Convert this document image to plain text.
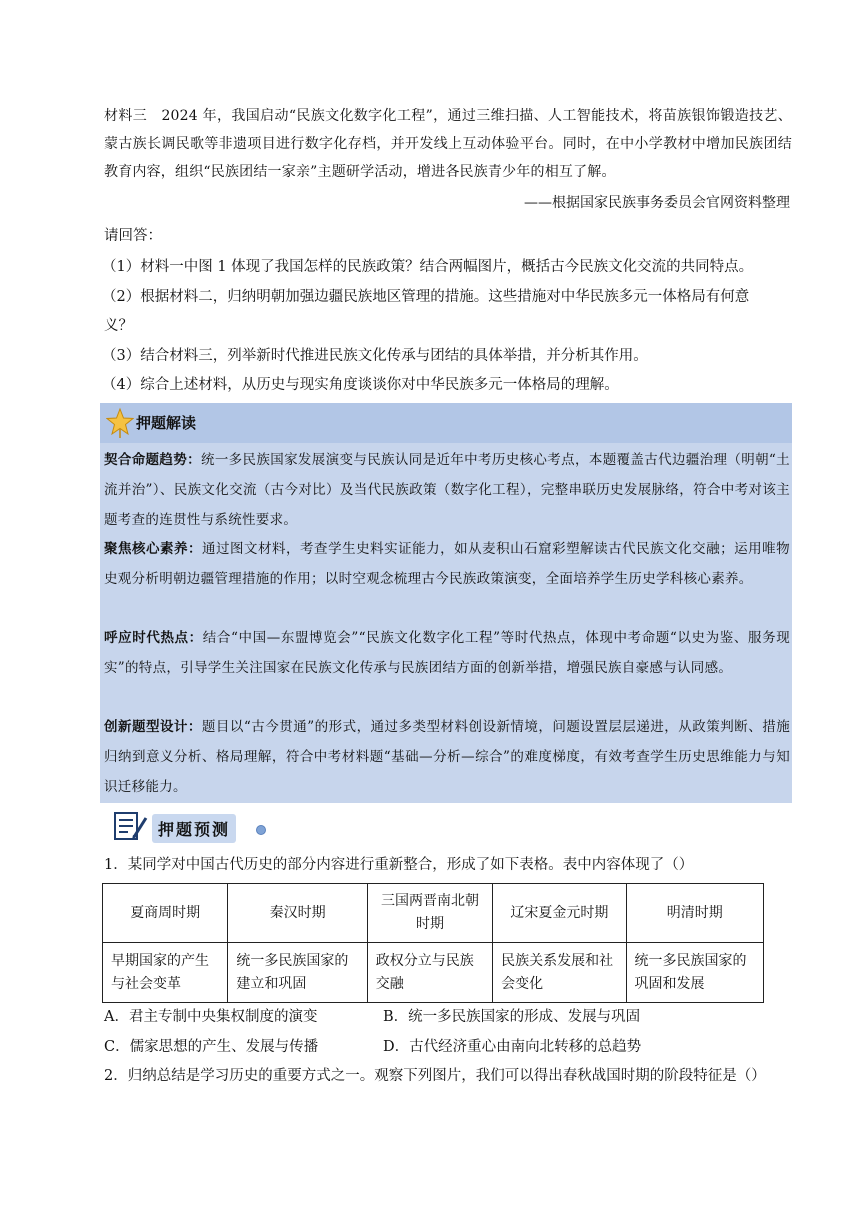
材料三　2024 年，我国启动“民族文化数字化工程”，通过三维扫描、人工智能技术，将苗族银饰锻造技艺、蒙古族长调民歌等非遗项目进行数字化存档，并开发线上互动体验平台。同时，在中小学教材中增加民族团结教育内容，组织“民族团结一家亲”主题研学活动，增进各民族青少年的相互了解。
——根据国家民族事务委员会官网资料整理
请回答：
（1）材料一中图 1 体现了我国怎样的民族政策？结合两幅图片，概括古今民族文化交流的共同特点。
（2）根据材料二，归纳明朝加强边疆民族地区管理的措施。这些措施对中华民族多元一体格局有何意
义？
（3）结合材料三，列举新时代推进民族文化传承与团结的具体举措，并分析其作用。
（4）综合上述材料，从历史与现实角度谈谈你对中华民族多元一体格局的理解。
押题解读
契合命题趋势：统一多民族国家发展演变与民族认同是近年中考历史核心考点，本题覆盖古代边疆治理（明朝“土流并治”）、民族文化交流（古今对比）及当代民族政策（数字化工程），完整串联历史发展脉络，符合中考对该主题考查的连贯性与系统性要求。
聚焦核心素养：通过图文材料，考查学生史料实证能力，如从麦积山石窟彩塑解读古代民族文化交融；运用唯物史观分析明朝边疆管理措施的作用；以时空观念梳理古今民族政策演变，全面培养学生历史学科核心素养。
呼应时代热点：结合“中国—东盟博览会”“民族文化数字化工程”等时代热点，体现中考命题“以史为鉴、服务现实”的特点，引导学生关注国家在民族文化传承与民族团结方面的创新举措，增强民族自豪感与认同感。
创新题型设计：题目以“古今贯通”的形式，通过多类型材料创设新情境，问题设置层层递进，从政策判断、措施归纳到意义分析、格局理解，符合中考材料题“基础—分析—综合”的难度梯度，有效考查学生历史思维能力与知识迁移能力。
押题预测
1．某同学对中国古代历史的部分内容进行重新整合，形成了如下表格。表中内容体现了（）
夏商周时期	秦汉时期	三国两晋南北朝时期	辽宋夏金元时期	明清时期
早期国家的产生与社会变革	统一多民族国家的建立和巩固	政权分立与民族交融	民族关系发展和社会变化	统一多民族国家的巩固和发展
A．君主专制中央集权制度的演变	B．统一多民族国家的形成、发展与巩固
C．儒家思想的产生、发展与传播	D．古代经济重心由南向北转移的总趋势
2．归纳总结是学习历史的重要方式之一。观察下列图片，我们可以得出春秋战国时期的阶段特征是（）
